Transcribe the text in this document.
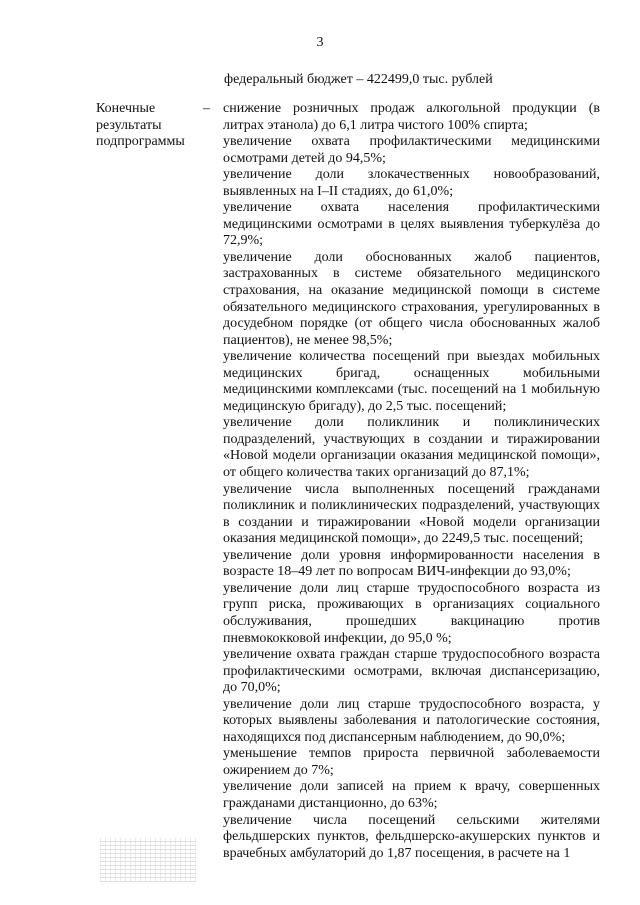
3
федеральный бюджет – 422499,0 тыс. рублей
Конечные результаты подпрограммы
– снижение розничных продаж алкогольной продукции (в литрах этанола) до 6,1 литра чистого 100% спирта;

увеличение охвата профилактическими медицинскими осмотрами детей до 94,5%;

увеличение доли злокачественных новообразований, выявленных на I–II стадиях, до 61,0%;

увеличение охвата населения профилактическими медицинскими осмотрами в целях выявления туберкулёза до 72,9%;

увеличение доли обоснованных жалоб пациентов, застрахованных в системе обязательного медицинского страхования, на оказание медицинской помощи в системе обязательного медицинского страхования, урегулированных в досудебном порядке (от общего числа обоснованных жалоб пациентов), не менее 98,5%;

увеличение количества посещений при выездах мобильных медицинских бригад, оснащенных мобильными медицинскими комплексами (тыс. посещений на 1 мобильную медицинскую бригаду), до 2,5 тыс. посещений;

увеличение доли поликлиник и поликлинических подразделений, участвующих в создании и тиражировании «Новой модели организации оказания медицинской помощи», от общего количества таких организаций до 87,1%;

увеличение числа выполненных посещений гражданами поликлиник и поликлинических подразделений, участвующих в создании и тиражировании «Новой модели организации оказания медицинской помощи», до 2249,5 тыс. посещений;

увеличение доли уровня информированности населения в возрасте 18–49 лет по вопросам ВИЧ-инфекции до 93,0%;

увеличение доли лиц старше трудоспособного возраста из групп риска, проживающих в организациях социального обслуживания, прошедших вакцинацию против пневмококковой инфекции, до 95,0 %;

увеличение охвата граждан старше трудоспособного возраста профилактическими осмотрами, включая диспансеризацию, до 70,0%;

увеличение доли лиц старше трудоспособного возраста, у которых выявлены заболевания и патологические состояния, находящихся под диспансерным наблюдением, до 90,0%;

уменьшение темпов прироста первичной заболеваемости ожирением до 7%;

увеличение доли записей на прием к врачу, совершенных гражданами дистанционно, до 63%;

увеличение числа посещений сельскими жителями фельдшерских пунктов, фельдшерско-акушерских пунктов и врачебных амбулаторий до 1,87 посещения, в расчете на 1
